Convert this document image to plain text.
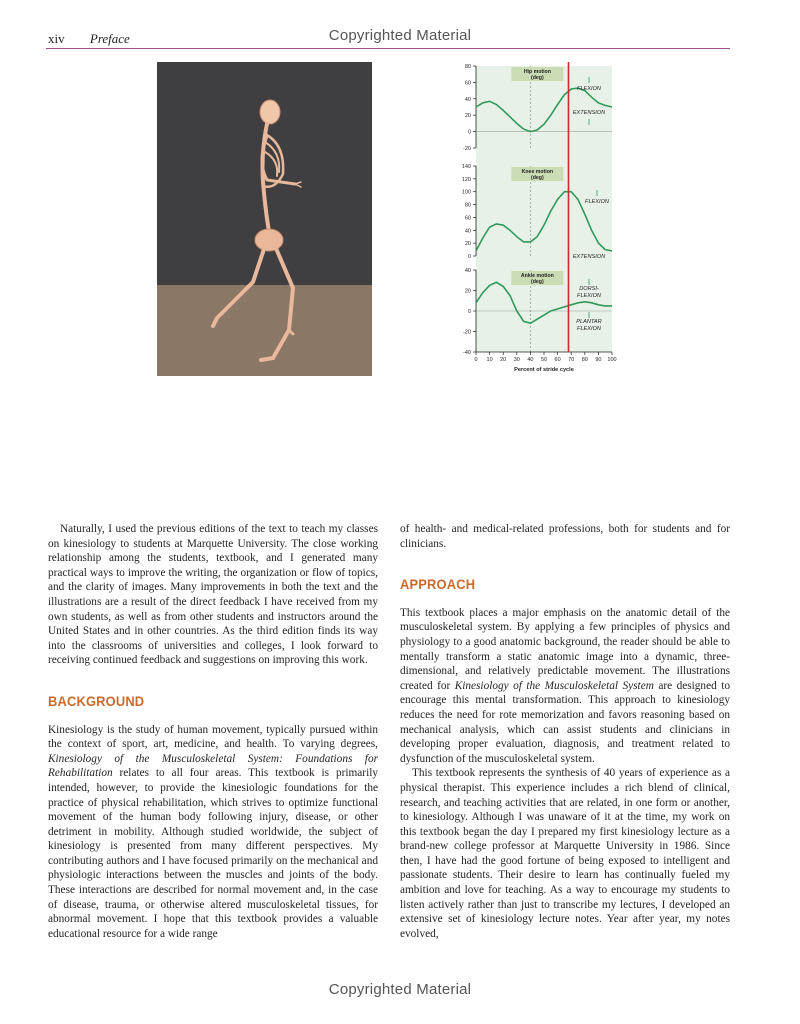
xiv Preface	Copyrighted Material
80
60
40
20
0
-20
Hip motion
(deg)
140
120
100
80
60
40
20
0
Knee motion
(deg)
40
20
0
-20
-40
Ankle motion
(deg)
FLEXION
EXTENSION
FLEXION
EXTENSION
DORSI-
FLEXION
PLANTAR
FLEXION
0 10 20 30 40 50 60 70 80 90 100
Percent of stride cycle

Naturally, I used the previous editions of the text to teach my classes on kinesiology to students at Marquette University. The close working relationship among the students, textbook, and I generated many practical ways to improve the writing, the organization or flow of topics, and the clarity of images. Many improvements in both the text and the illustrations are a result of the direct feedback I have received from my own students, as well as from other students and instructors around the United States and in other countries. As the third edition finds its way into the classrooms of universities and colleges, I look forward to receiving continued feedback and suggestions on improving this work.

BACKGROUND

Kinesiology is the study of human movement, typically pursued within the context of sport, art, medicine, and health. To varying degrees, Kinesiology of the Musculoskeletal System: Foundations for Rehabilitation relates to all four areas. This textbook is primarily intended, however, to provide the kinesiologic foundations for the practice of physical rehabilitation, which strives to optimize functional movement of the human body following injury, disease, or other detriment in mobility. Although studied worldwide, the subject of kinesiology is presented from many different perspectives. My contributing authors and I have focused primarily on the mechanical and physiologic interactions between the muscles and joints of the body. These interactions are described for normal movement and, in the case of disease, trauma, or otherwise altered musculoskeletal tissues, for abnormal movement. I hope that this textbook provides a valuable educational resource for a wide range

of health- and medical-related professions, both for students and for clinicians.

APPROACH

This textbook places a major emphasis on the anatomic detail of the musculoskeletal system. By applying a few principles of physics and physiology to a good anatomic background, the reader should be able to mentally transform a static anatomic image into a dynamic, three-dimensional, and relatively predictable movement. The illustrations created for Kinesiology of the Musculoskeletal System are designed to encourage this mental transformation. This approach to kinesiology reduces the need for rote memorization and favors reasoning based on mechanical analysis, which can assist students and clinicians in developing proper evaluation, diagnosis, and treatment related to dysfunction of the musculoskeletal system.

This textbook represents the synthesis of 40 years of experience as a physical therapist. This experience includes a rich blend of clinical, research, and teaching activities that are related, in one form or another, to kinesiology. Although I was unaware of it at the time, my work on this textbook began the day I prepared my first kinesiology lecture as a brand-new college professor at Marquette University in 1986. Since then, I have had the good fortune of being exposed to intelligent and passionate students. Their desire to learn has continually fueled my ambition and love for teaching. As a way to encourage my students to listen actively rather than just to transcribe my lectures, I developed an extensive set of kinesiology lecture notes. Year after year, my notes evolved,

Copyrighted Material
